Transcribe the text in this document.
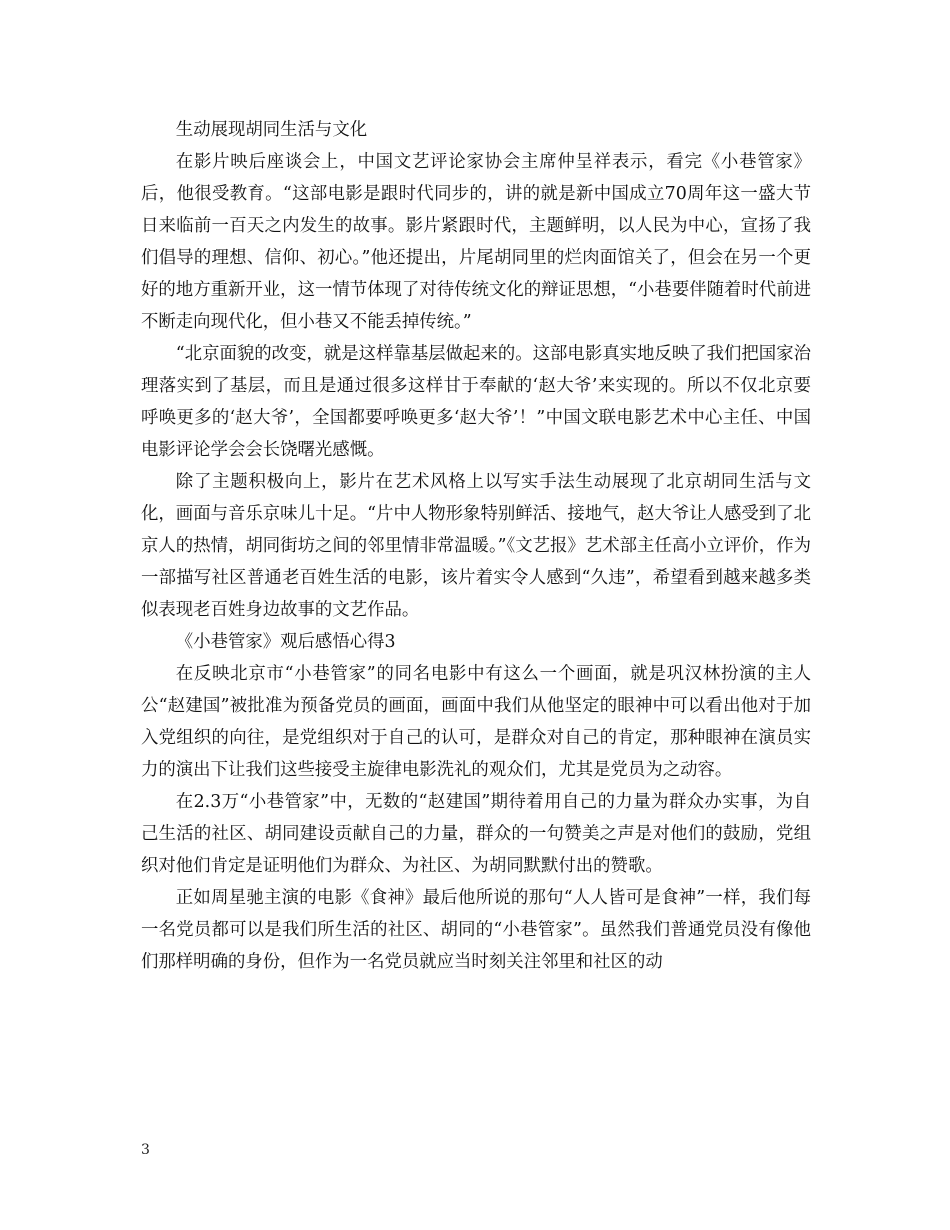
生动展现胡同生活与文化

在影片映后座谈会上，中国文艺评论家协会主席仲呈祥表示，看完《小巷管家》后，他很受教育。“这部电影是跟时代同步的，讲的就是新中国成立70周年这一盛大节日来临前一百天之内发生的故事。影片紧跟时代，主题鲜明，以人民为中心，宣扬了我们倡导的理想、信仰、初心。”他还提出，片尾胡同里的烂肉面馆关了，但会在另一个更好的地方重新开业，这一情节体现了对待传统文化的辩证思想，“小巷要伴随着时代前进不断走向现代化，但小巷又不能丢掉传统。”

“北京面貌的改变，就是这样靠基层做起来的。这部电影真实地反映了我们把国家治理落实到了基层，而且是通过很多这样甘于奉献的‘赵大爷’来实现的。所以不仅北京要呼唤更多的‘赵大爷’，全国都要呼唤更多‘赵大爷’！”中国文联电影艺术中心主任、中国电影评论学会会长饶曙光感慨。

除了主题积极向上，影片在艺术风格上以写实手法生动展现了北京胡同生活与文化，画面与音乐京味儿十足。“片中人物形象特别鲜活、接地气，赵大爷让人感受到了北京人的热情，胡同街坊之间的邻里情非常温暖。”《文艺报》艺术部主任高小立评价，作为一部描写社区普通老百姓生活的电影，该片着实令人感到“久违”，希望看到越来越多类似表现老百姓身边故事的文艺作品。

《小巷管家》观后感悟心得3

在反映北京市“小巷管家”的同名电影中有这么一个画面，就是巩汉林扮演的主人公“赵建国”被批准为预备党员的画面，画面中我们从他坚定的眼神中可以看出他对于加入党组织的向往，是党组织对于自己的认可，是群众对自己的肯定，那种眼神在演员实力的演出下让我们这些接受主旋律电影洗礼的观众们，尤其是党员为之动容。

在2.3万“小巷管家”中，无数的“赵建国”期待着用自己的力量为群众办实事，为自己生活的社区、胡同建设贡献自己的力量，群众的一句赞美之声是对他们的鼓励，党组织对他们肯定是证明他们为群众、为社区、为胡同默默付出的赞歌。

正如周星驰主演的电影《食神》最后他所说的那句“人人皆可是食神”一样，我们每一名党员都可以是我们所生活的社区、胡同的“小巷管家”。虽然我们普通党员没有像他们那样明确的身份，但作为一名党员就应当时刻关注邻里和社区的动

3
